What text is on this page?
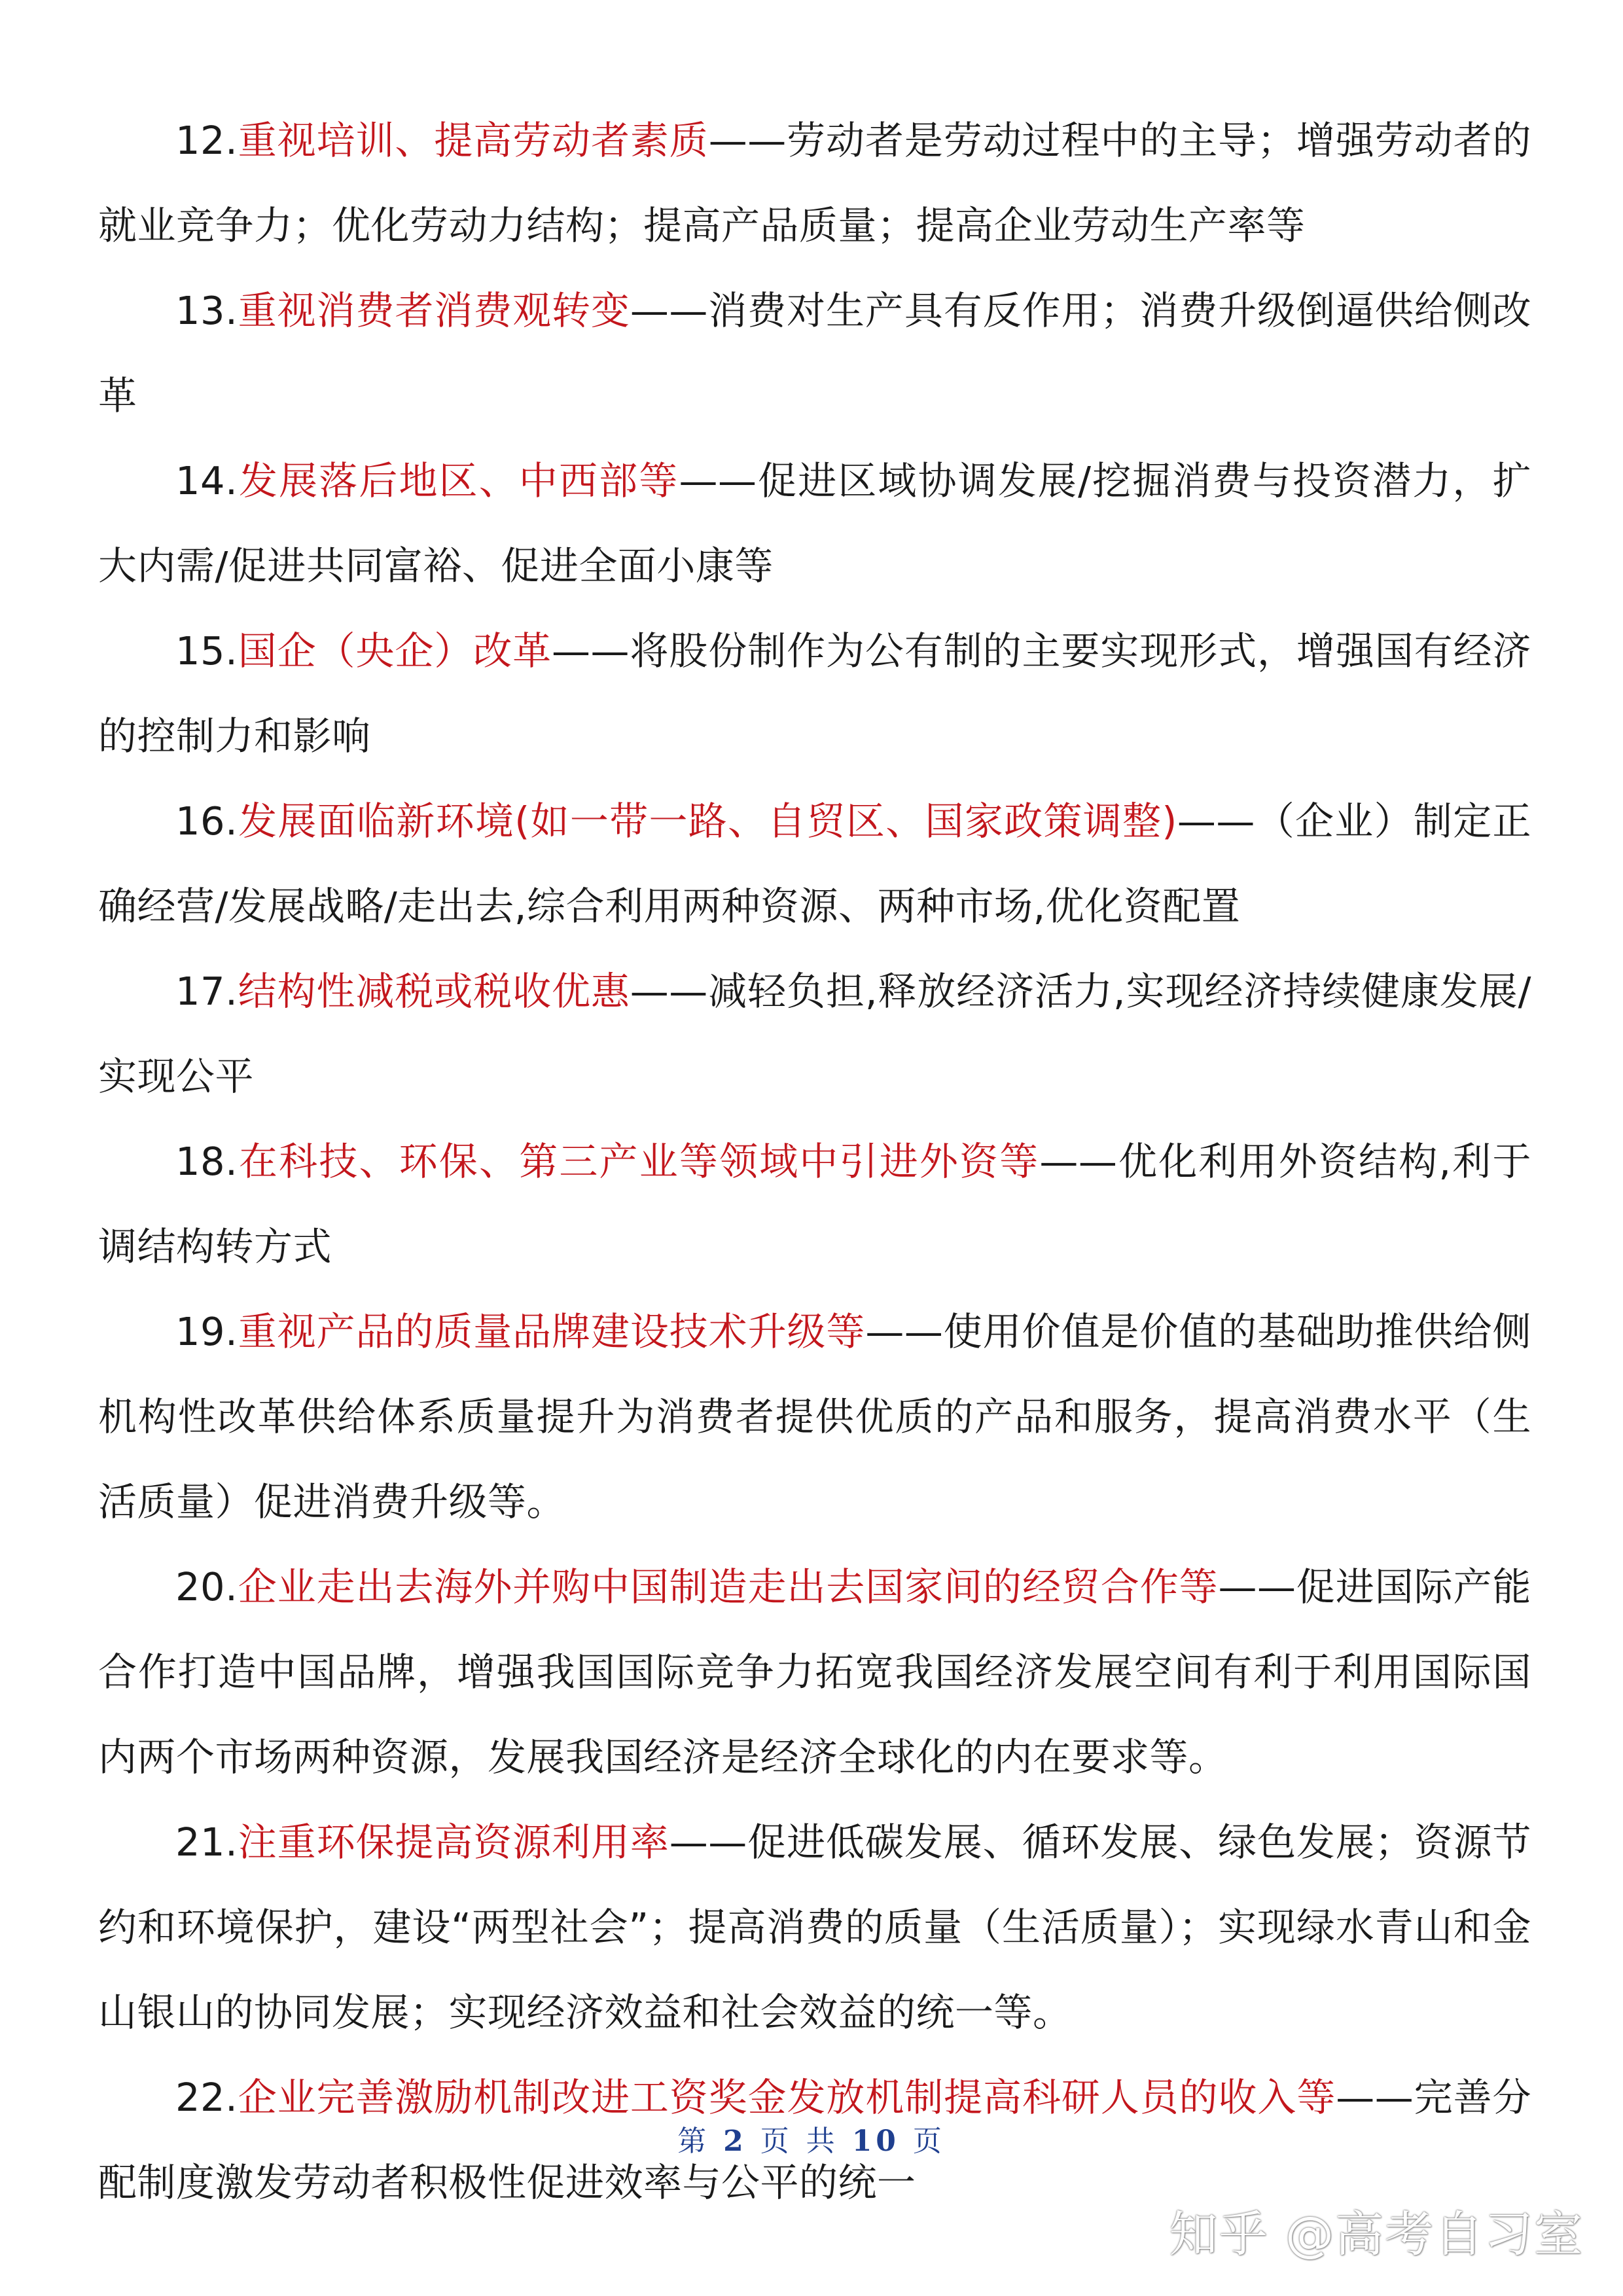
12.重视培训、提高劳动者素质——劳动者是劳动过程中的主导；增强劳动者的就业竞争力；优化劳动力结构；提高产品质量；提高企业劳动生产率等

13.重视消费者消费观转变——消费对生产具有反作用；消费升级倒逼供给侧改革

14.发展落后地区、中西部等——促进区域协调发展/挖掘消费与投资潜力，扩大内需/促进共同富裕、促进全面小康等

15.国企（央企）改革——将股份制作为公有制的主要实现形式，增强国有经济的控制力和影响

16.发展面临新环境(如一带一路、自贸区、国家政策调整)——（企业）制定正确经营/发展战略/走出去,综合利用两种资源、两种市场,优化资配置

17.结构性减税或税收优惠——减轻负担,释放经济活力,实现经济持续健康发展/实现公平

18.在科技、环保、第三产业等领域中引进外资等——优化利用外资结构,利于调结构转方式

19.重视产品的质量品牌建设技术升级等——使用价值是价值的基础助推供给侧机构性改革供给体系质量提升为消费者提供优质的产品和服务，提高消费水平（生活质量）促进消费升级等。

20.企业走出去海外并购中国制造走出去国家间的经贸合作等——促进国际产能合作打造中国品牌，增强我国国际竞争力拓宽我国经济发展空间有利于利用国际国内两个市场两种资源，发展我国经济是经济全球化的内在要求等。

21.注重环保提高资源利用率——促进低碳发展、循环发展、绿色发展；资源节约和环境保护，建设“两型社会”；提高消费的质量（生活质量）；实现绿水青山和金山银山的协同发展；实现经济效益和社会效益的统一等。

22.企业完善激励机制改进工资奖金发放机制提高科研人员的收入等——完善分配制度激发劳动者积极性促进效率与公平的统一

第 2 页 共 10 页
知乎 @高考自习室
